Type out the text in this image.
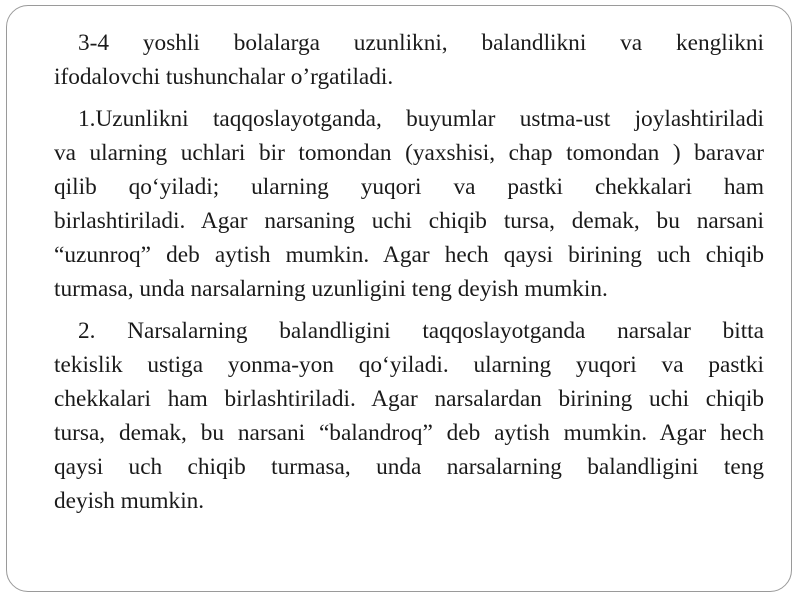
3-4 yoshli bolalarga uzunlikni, balandlikni va kenglikni
ifodalovchi tushunchalar o’rgatiladi.
1.Uzunlikni taqqoslayotganda, buyumlar ustma-ust joylashtiriladi
va ularning uchlari bir tomondan (yaxshisi, chap tomondan ) baravar
qilib qo‘yiladi; ularning yuqori va pastki chekkalari ham
birlashtiriladi. Agar narsaning uchi chiqib tursa, demak, bu narsani
“uzunroq” deb aytish mumkin. Agar hech qaysi birining uch chiqib
turmasa, unda narsalarning uzunligini teng deyish mumkin.
2. Narsalarning balandligini taqqoslayotganda narsalar bitta
tekislik ustiga yonma-yon qo‘yiladi. ularning yuqori va pastki
chekkalari ham birlashtiriladi. Agar narsalardan birining uchi chiqib
tursa, demak, bu narsani “balandroq” deb aytish mumkin. Agar hech
qaysi uch chiqib turmasa, unda narsalarning balandligini teng
deyish mumkin.
